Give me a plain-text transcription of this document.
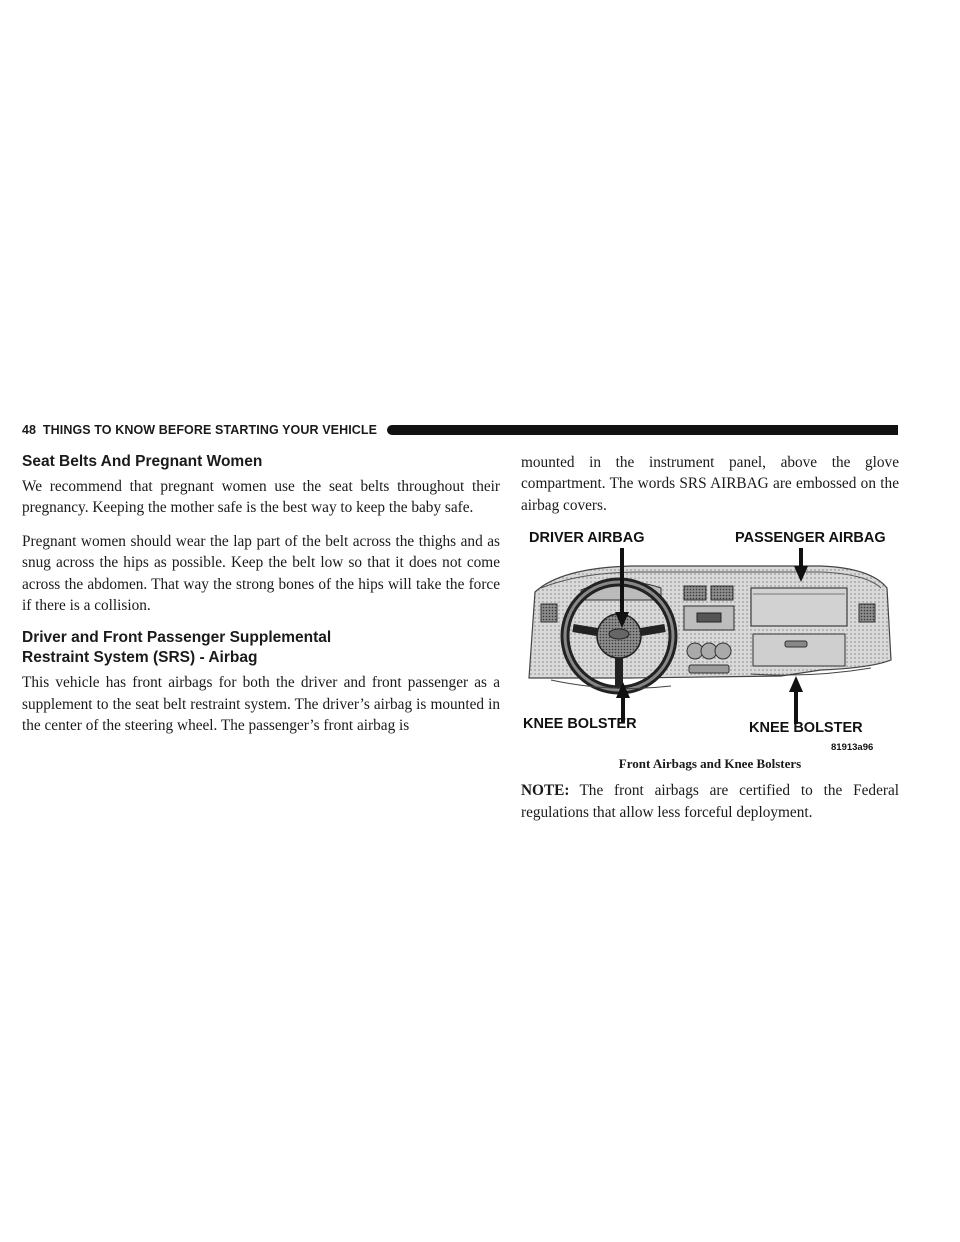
48 THINGS TO KNOW BEFORE STARTING YOUR VEHICLE
Seat Belts And Pregnant Women

We recommend that pregnant women use the seat belts throughout their pregnancy. Keeping the mother safe is the best way to keep the baby safe.

Pregnant women should wear the lap part of the belt across the thighs and as snug across the hips as possible. Keep the belt low so that it does not come across the abdomen. That way the strong bones of the hips will take the force if there is a collision.

Driver and Front Passenger Supplemental
Restraint System (SRS) - Airbag

This vehicle has front airbags for both the driver and front passenger as a supplement to the seat belt restraint system. The driver’s airbag is mounted in the center of the steering wheel. The passenger’s front airbag is

mounted in the instrument panel, above the glove compartment. The words SRS AIRBAG are embossed on the airbag covers.

DRIVER AIRBAG	PASSENGER AIRBAG
KNEE BOLSTER	KNEE BOLSTER
81913a96
Front Airbags and Knee Bolsters

NOTE: The front airbags are certified to the Federal regulations that allow less forceful deployment.
